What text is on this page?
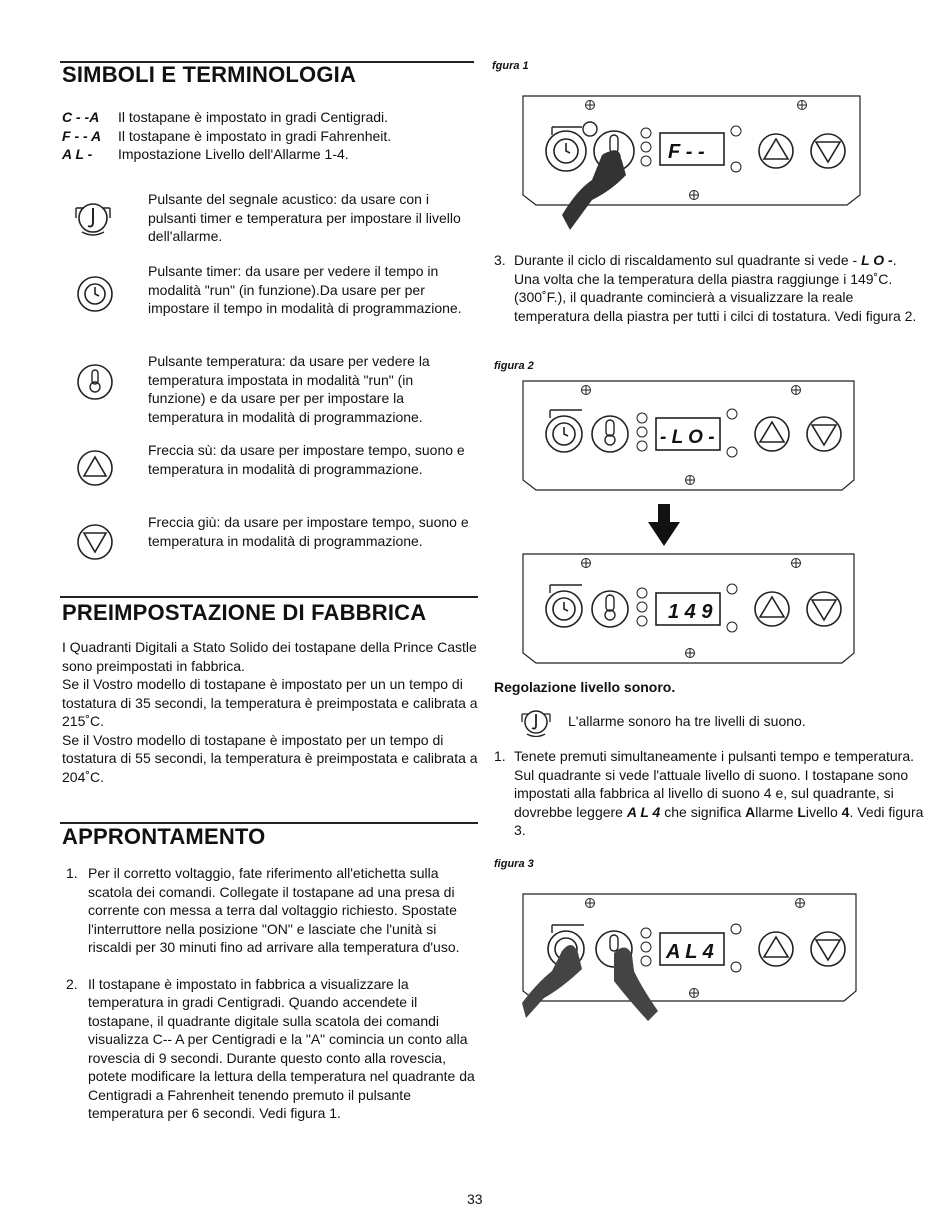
SIMBOLI E TERMINOLOGIA
C - -A Il tostapane è impostato in gradi Centigradi.
F - - A Il tostapane è impostato in gradi Fahrenheit.
A L - Impostazione Livello dell'Allarme 1-4.
Pulsante del segnale acustico: da usare con i pulsanti timer e temperatura per impostare il livello dell'allarme.
Pulsante timer: da usare per vedere il tempo in modalità "run" (in funzione).Da usare per per impostare il tempo in modalità di programmazione.
Pulsante temperatura: da usare per vedere la temperatura impostata in modalità "run" (in funzione) e da usare per per impostare la temperatura in modalità di programmazione.
Freccia sù: da usare per impostare tempo, suono e temperatura in modalità di programmazione.
Freccia giù: da usare per impostare tempo, suono e temperatura in modalità di programmazione.
PREIMPOSTAZIONE DI FABBRICA
I Quadranti Digitali a Stato Solido dei tostapane della Prince Castle sono preimpostati in fabbrica.
Se il Vostro modello di tostapane è impostato per un un tempo di tostatura di 35 secondi, la temperatura è preimpostata e calibrata a 215˚C.
Se il Vostro modello di tostapane è impostato per un tempo di tostatura di 55 secondi, la temperatura è preimpostata e calibrata a 204˚C.
APPRONTAMENTO
1. Per il corretto voltaggio, fate riferimento all'etichetta sulla scatola dei comandi. Collegate il tostapane ad una presa di corrente con messa a terra dal voltaggio richiesto. Spostate l'interruttore nella posizione "ON" e lasciate che l'unità si riscaldi per 30 minuti fino ad arrivare alla temperatura d'uso.
2. Il tostapane è impostato in fabbrica a visualizzare la temperatura in gradi Centigradi. Quando accendete il tostapane, il quadrante digitale sulla scatola dei comandi visualizza C-- A per Centigradi e la "A" comincia un conto alla rovescia di 9 secondi. Durante questo conto alla rovescia, potete modificare la lettura della temperatura nel quadrante da Centigradi a Fahrenheit tenendo premuto il pulsante temperatura per 6 secondi. Vedi figura 1.
fgura 1
F - -
3. Durante il ciclo di riscaldamento sul quadrante si vede - L O -. Una volta che la temperatura della piastra raggiunge i 149˚C. (300˚F.), il quadrante comincierà a visualizzare la reale temperatura della piastra per tutti i cilci di tostatura. Vedi figura 2.
figura 2
- L O -
1 4 9
Regolazione livello sonoro.
L'allarme sonoro ha tre livelli di suono.
1. Tenete premuti simultaneamente i pulsanti tempo e temperatura. Sul quadrante si vede l'attuale livello di suono. I tostapane sono impostati alla fabbrica al livello di suono 4 e, sul quadrante, si dovrebbe leggere A L 4 che significa Allarme Livello 4. Vedi figura 3.
figura 3
A L 4
33
